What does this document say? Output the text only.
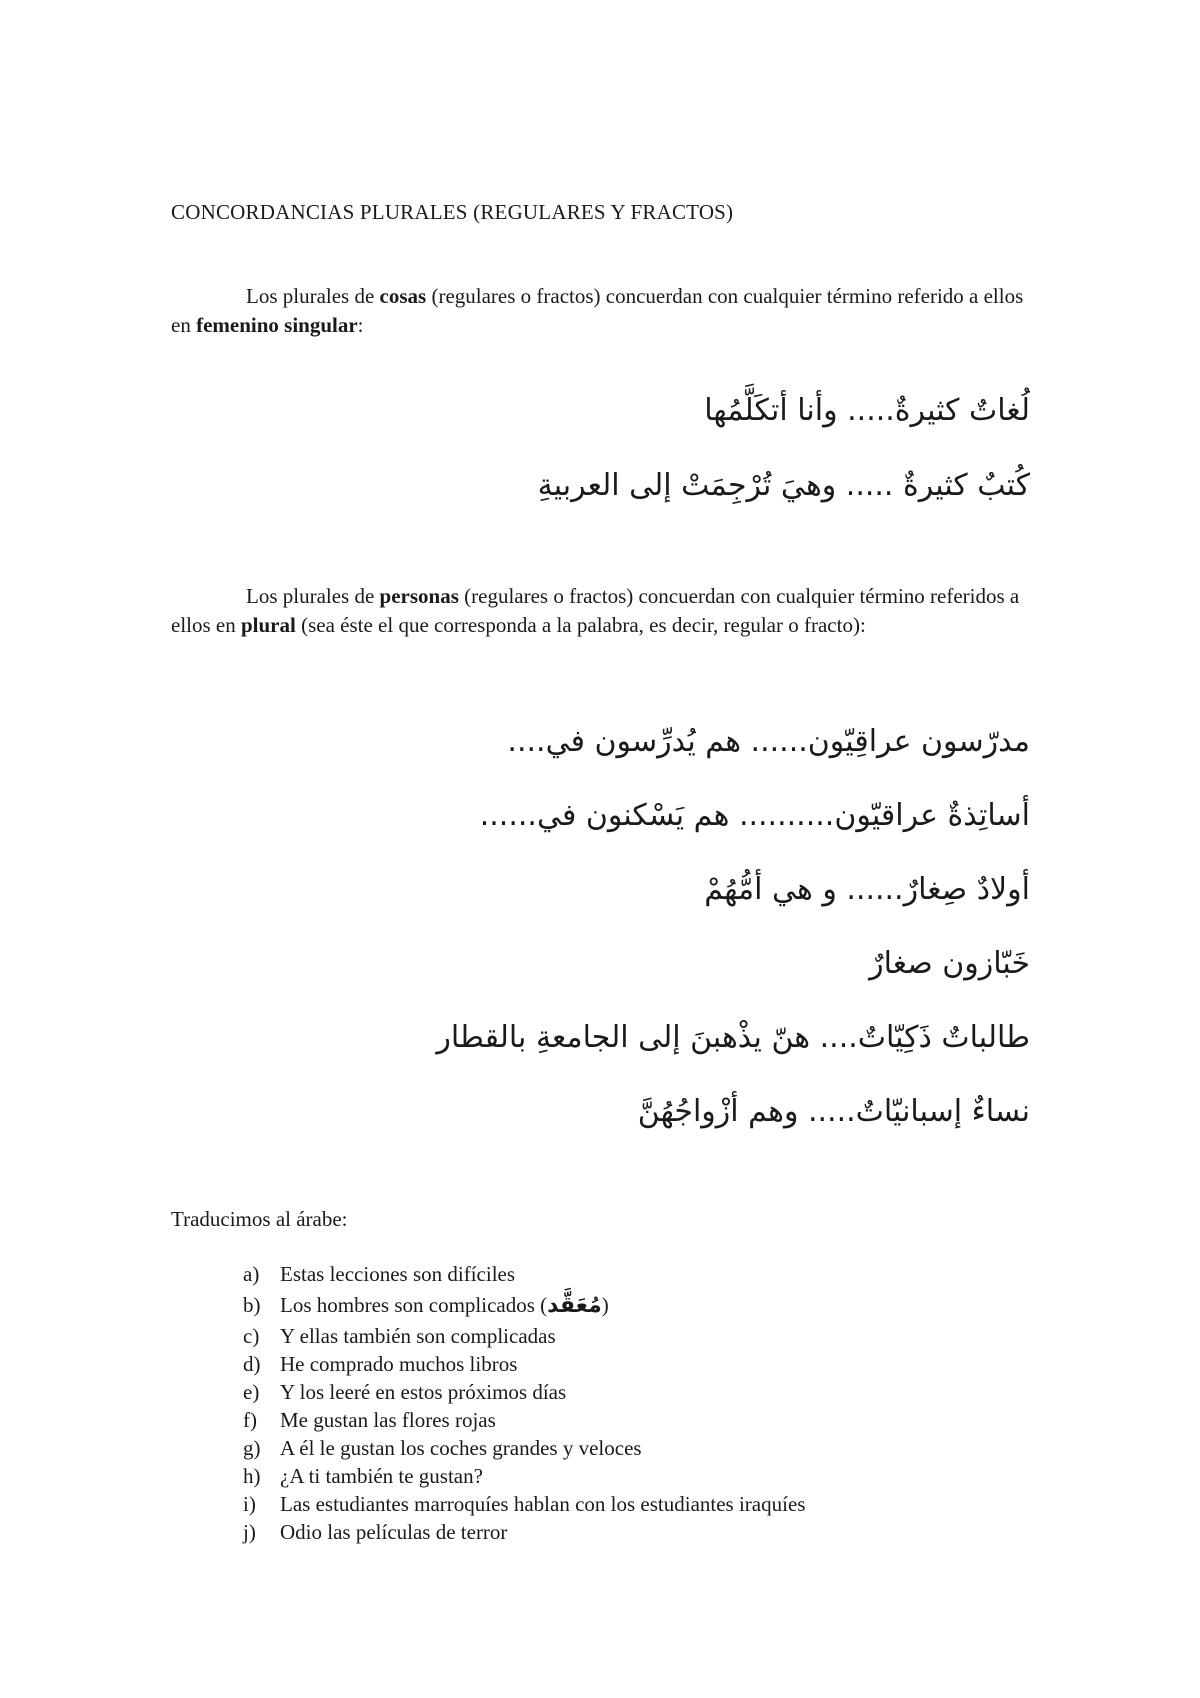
CONCORDANCIAS PLURALES (REGULARES Y FRACTOS)
Los plurales de cosas (regulares o fractos) concuerdan con cualquier término referido a ellos en femenino singular:
لُغاتٌ كثيرةٌ..... وأنا أتكَلَّمُها
كُتبٌ كثيرةٌ ..... وهيَ تُرْجِمَتْ إلى العربيةِ
Los plurales de personas (regulares o fractos) concuerdan con cualquier término referidos a ellos en plural (sea éste el que corresponda a la palabra, es decir, regular o fracto):
مدرّسون عراقِيّون...... هم يُدرِّسون في....
أساتِذةٌ عراقيّون.......... هم يَسْكنون في......
أولادٌ صِغارٌ...... و هي أمُّهُمْ
خَبّازون صغارٌ
طالباتٌ ذَكِيّاتٌ.... هنّ يذْهبنَ إلى الجامعةِ بالقطار
نساءٌ إسبانيّاتٌ..... وهم أزْواجُهُنَّ
Traducimos al árabe:
a) Estas lecciones son difíciles
b) Los hombres son complicados (مُعَقَّد)
c) Y ellas también son complicadas
d) He comprado muchos libros
e) Y los leeré en estos próximos días
f) Me gustan las flores rojas
g) A él le gustan los coches grandes y veloces
h) ¿A ti también te gustan?
i) Las estudiantes marroquíes hablan con los estudiantes iraquíes
j) Odio las películas de terror
